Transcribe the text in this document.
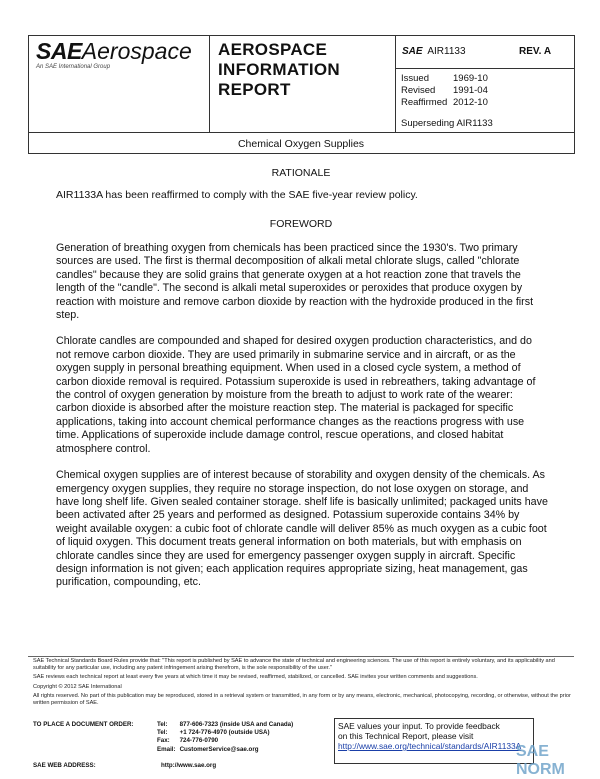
SAEAerospace
An SAE International Group
AEROSPACE
INFORMATION
REPORT
SAE AIR1133	REV. A
Issued	1969-10
Revised	1991-04
Reaffirmed	2012-10
Superseding AIR1133
Chemical Oxygen Supplies
RATIONALE
AIR1133A has been reaffirmed to comply with the SAE five-year review policy.
FOREWORD

Generation of breathing oxygen from chemicals has been practiced since the 1930's. Two primary sources are used. The first is thermal decomposition of alkali metal chlorate slugs, called "chlorate candles" because they are solid grains that generate oxygen at a hot reaction zone that travels the length of the "candle". The second is alkali metal superoxides or peroxides that produce oxygen by reaction with moisture and remove carbon dioxide by reaction with the hydroxide produced in the first step.

Chlorate candles are compounded and shaped for desired oxygen production characteristics, and do not remove carbon dioxide. They are used primarily in submarine service and in aircraft, or as the oxygen supply in personal breathing equipment. When used in a closed cycle system, a method of carbon dioxide removal is required. Potassium superoxide is used in rebreathers, taking advantage of the control of oxygen generation by moisture from the breath to adjust to work rate of the wearer: carbon dioxide is absorbed after the moisture reaction step. The material is packaged for specific applications, taking into account chemical performance changes as the reactions progress with use time. Applications of superoxide include damage control, rescue operations, and closed habitat atmosphere control.

Chemical oxygen supplies are of interest because of storability and oxygen density of the chemicals. As emergency oxygen supplies, they require no storage inspection, do not lose oxygen on storage, and have long shelf life. Given sealed container storage. shelf life is basically unlimited; packaged units have been activated after 25 years and performed as designed. Potassium superoxide contains 34% by weight available oxygen: a cubic foot of chlorate candle will deliver 85% as much oxygen as a cubic foot of liquid oxygen. This document treats general information on both materials, but with emphasis on chlorate candles since they are used for emergency passenger oxygen supply in aircraft. Specific design information is not given; each application requires appropriate sizing, heat management, gas purification, compounding, etc.

SAE Technical Standards Board Rules provide that: "This report is published by SAE to advance the state of technical and engineering sciences. The use of this report is entirely voluntary, and its applicability and suitability for any particular use, including any patent infringement arising therefrom, is the sole responsibility of the user."
SAE reviews each technical report at least every five years at which time it may be revised, reaffirmed, stabilized, or cancelled. SAE invites your written comments and suggestions.
Copyright © 2012 SAE International
All rights reserved. No part of this publication may be reproduced, stored in a retrieval system or transmitted, in any form or by any means, electronic, mechanical, photocopying, recording, or otherwise, without the prior written permission of SAE.
TO PLACE A DOCUMENT ORDER:	Tel:	877-606-7323 (inside USA and Canada)
Tel:	+1 724-776-4970 (outside USA)
Fax:	724-776-0790
Email:	CustomerService@sae.org
SAE WEB ADDRESS:	http://www.sae.org
SAE values your input. To provide feedback
on this Technical Report, please visit
http://www.sae.org/technical/standards/AIR1133A
SAE NORM
